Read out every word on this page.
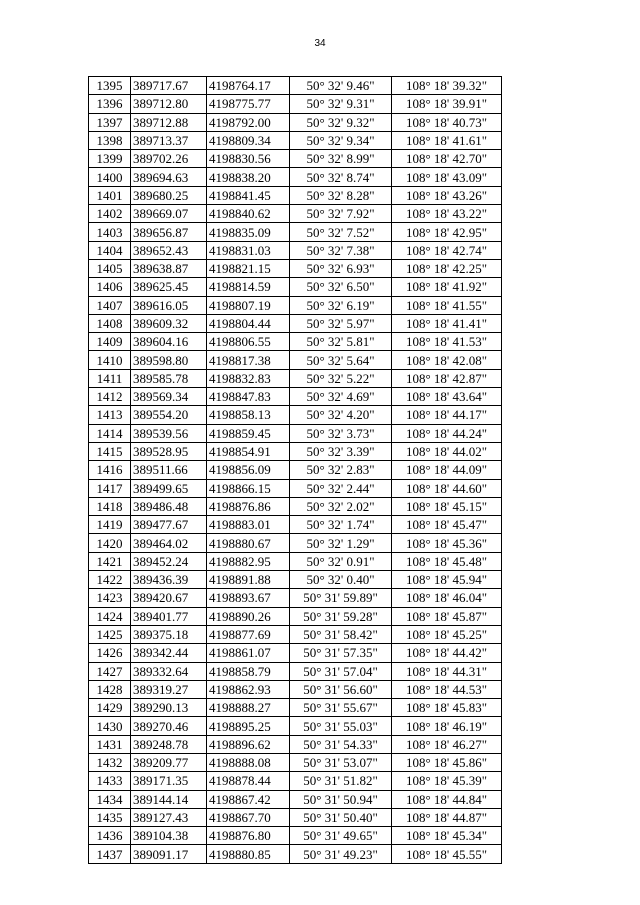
34
1395	389717.67	4198764.17	50° 32' 9.46"	108° 18' 39.32"
1396	389712.80	4198775.77	50° 32' 9.31"	108° 18' 39.91"
1397	389712.88	4198792.00	50° 32' 9.32"	108° 18' 40.73"
1398	389713.37	4198809.34	50° 32' 9.34"	108° 18' 41.61"
1399	389702.26	4198830.56	50° 32' 8.99"	108° 18' 42.70"
1400	389694.63	4198838.20	50° 32' 8.74"	108° 18' 43.09"
1401	389680.25	4198841.45	50° 32' 8.28"	108° 18' 43.26"
1402	389669.07	4198840.62	50° 32' 7.92"	108° 18' 43.22"
1403	389656.87	4198835.09	50° 32' 7.52"	108° 18' 42.95"
1404	389652.43	4198831.03	50° 32' 7.38"	108° 18' 42.74"
1405	389638.87	4198821.15	50° 32' 6.93"	108° 18' 42.25"
1406	389625.45	4198814.59	50° 32' 6.50"	108° 18' 41.92"
1407	389616.05	4198807.19	50° 32' 6.19"	108° 18' 41.55"
1408	389609.32	4198804.44	50° 32' 5.97"	108° 18' 41.41"
1409	389604.16	4198806.55	50° 32' 5.81"	108° 18' 41.53"
1410	389598.80	4198817.38	50° 32' 5.64"	108° 18' 42.08"
1411	389585.78	4198832.83	50° 32' 5.22"	108° 18' 42.87"
1412	389569.34	4198847.83	50° 32' 4.69"	108° 18' 43.64"
1413	389554.20	4198858.13	50° 32' 4.20"	108° 18' 44.17"
1414	389539.56	4198859.45	50° 32' 3.73"	108° 18' 44.24"
1415	389528.95	4198854.91	50° 32' 3.39"	108° 18' 44.02"
1416	389511.66	4198856.09	50° 32' 2.83"	108° 18' 44.09"
1417	389499.65	4198866.15	50° 32' 2.44"	108° 18' 44.60"
1418	389486.48	4198876.86	50° 32' 2.02"	108° 18' 45.15"
1419	389477.67	4198883.01	50° 32' 1.74"	108° 18' 45.47"
1420	389464.02	4198880.67	50° 32' 1.29"	108° 18' 45.36"
1421	389452.24	4198882.95	50° 32' 0.91"	108° 18' 45.48"
1422	389436.39	4198891.88	50° 32' 0.40"	108° 18' 45.94"
1423	389420.67	4198893.67	50° 31' 59.89"	108° 18' 46.04"
1424	389401.77	4198890.26	50° 31' 59.28"	108° 18' 45.87"
1425	389375.18	4198877.69	50° 31' 58.42"	108° 18' 45.25"
1426	389342.44	4198861.07	50° 31' 57.35"	108° 18' 44.42"
1427	389332.64	4198858.79	50° 31' 57.04"	108° 18' 44.31"
1428	389319.27	4198862.93	50° 31' 56.60"	108° 18' 44.53"
1429	389290.13	4198888.27	50° 31' 55.67"	108° 18' 45.83"
1430	389270.46	4198895.25	50° 31' 55.03"	108° 18' 46.19"
1431	389248.78	4198896.62	50° 31' 54.33"	108° 18' 46.27"
1432	389209.77	4198888.08	50° 31' 53.07"	108° 18' 45.86"
1433	389171.35	4198878.44	50° 31' 51.82"	108° 18' 45.39"
1434	389144.14	4198867.42	50° 31' 50.94"	108° 18' 44.84"
1435	389127.43	4198867.70	50° 31' 50.40"	108° 18' 44.87"
1436	389104.38	4198876.80	50° 31' 49.65"	108° 18' 45.34"
1437	389091.17	4198880.85	50° 31' 49.23"	108° 18' 45.55"
